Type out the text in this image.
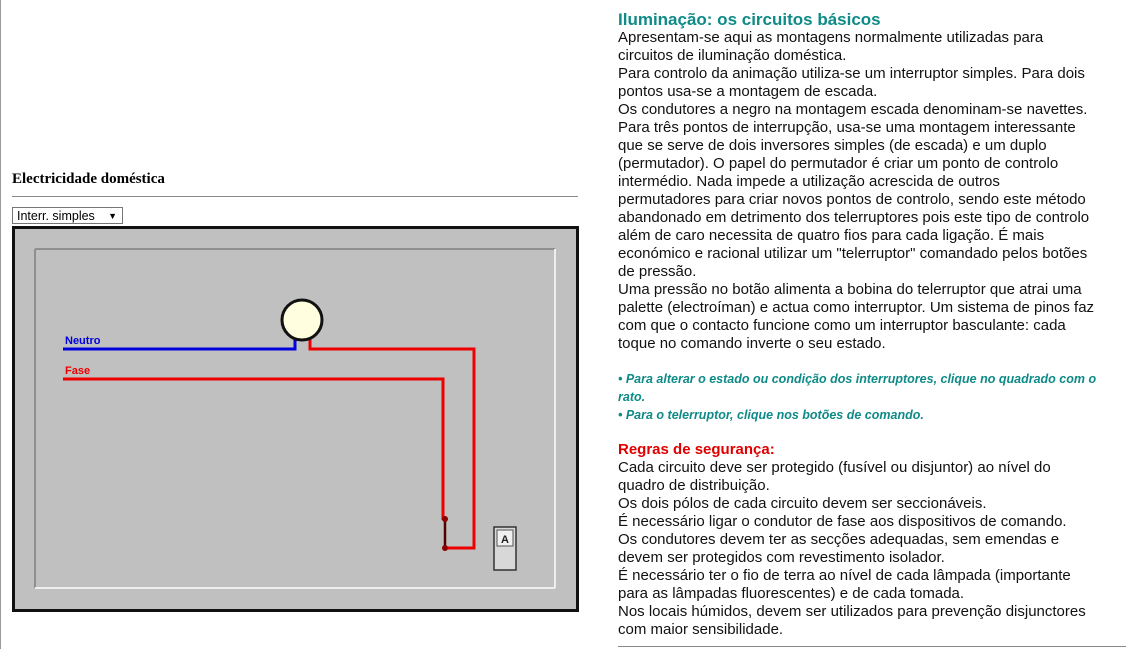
Electricidade doméstica
Interr. simples ▼
Neutro
Fase
A
Iluminação: os circuitos básicos

Apresentam-se aqui as montagens normalmente utilizadas para

circuitos de iluminação doméstica.

Para controlo da animação utiliza-se um interruptor simples. Para dois

pontos usa-se a montagem de escada.

Os condutores a negro na montagem escada denominam-se navettes.

Para três pontos de interrupção, usa-se uma montagem interessante

que se serve de dois inversores simples (de escada) e um duplo

(permutador). O papel do permutador é criar um ponto de controlo

intermédio. Nada impede a utilização acrescida de outros

permutadores para criar novos pontos de controlo, sendo este método

abandonado em detrimento dos telerruptores pois este tipo de controlo

além de caro necessita de quatro fios para cada ligação. É mais

económico e racional utilizar um "telerruptor" comandado pelos botões

de pressão.

Uma pressão no botão alimenta a bobina do telerruptor que atrai uma

palette (electroíman) e actua como interruptor. Um sistema de pinos faz

com que o contacto funcione como um interruptor basculante: cada

toque no comando inverte o seu estado.

• Para alterar o estado ou condição dos interruptores, clique no quadrado com o
rato.
• Para o telerruptor, clique nos botões de comando.
Regras de segurança:

Cada circuito deve ser protegido (fusível ou disjuntor) ao nível do

quadro de distribuição.

Os dois pólos de cada circuito devem ser seccionáveis.

É necessário ligar o condutor de fase aos dispositivos de comando.

Os condutores devem ter as secções adequadas, sem emendas e

devem ser protegidos com revestimento isolador.

É necessário ter o fio de terra ao nível de cada lâmpada (importante

para as lâmpadas fluorescentes) e de cada tomada.

Nos locais húmidos, devem ser utilizados para prevenção disjunctores

com maior sensibilidade.
